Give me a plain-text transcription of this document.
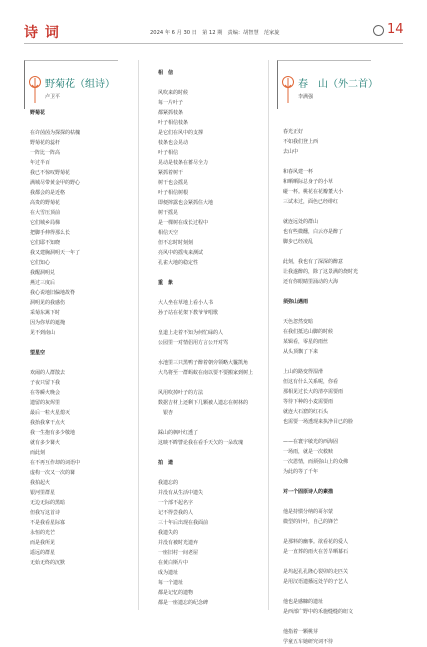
诗 词	2024 年 6 月 30 日　第 12 期　责编：胡智慧　范家旋	14
野菊花（组诗）
卢卫平
野菊花
在许茵茵为探探的枯槐
野菊花的蕊杆
一阵比一阵高
年过半百
我已不惊叹野菊花
满城尽带黄金甲的野心
我都会的是近格
高贵的野菊花
在大雪压顶前
它们城乡局梯
把脚手伸得那么长
它们耶不知晓
我又建胸洞明天一年了
它们知心
我醒洞明兑
燕过三度后
我心说地旧偏地故脊
洞明见的我感伤
采菊东篱下时
因为你草的遮掩
见不到南山
望星空
欢闹的人群散去
子夜只留下我
在等瞬火晚会
遗留的灰烬里
最后一粒火星熄灭
我抬我拿干点火
我一生抱有多少敬地
就有多少篝火
而此刻
在不再互作却的词语中
虚构一次又一次的篝
我拍起火
银河里群星
无边无际的黑暗
但我写这首诗
不是我看星际寡
永恒的光芒
而是我所见
遥远的群星
无始无终的沉默
相　信
风吹来的时候
每一片叶子
都紧抓枝条
叶子相信枝条
是它们在风中的支撑
枝条也会晃动
叶子相信
晃动是枝条在蓄尽全力
紧抓着树干
树干也会摇晃
叶子相信树根
即便摔露也会紧抓住大地
树干摇晃
是一棵树在成长过程中
相信天空
但不忘时时刻刻
亮风中的摇曳来测试
孔雀大地的稳定性
重　象
大人坐在草地上看小人书
孙子站在花架下教爷爷唱歌
皇道上走着不知为何忙碌的人
公园里一对情侣用方言公开对骂
水池里三只黑鸭子醉着朝旁领略大鬣凯角
大鸟将至一群蚂蚁在南以要不要搬家到树上
风用吹掉叶子的方法
数据吉材上还剩下几颗被人遗忘在树林的
　银杏
踩山的枫叶红透了
这映不眸譬论我在看手天欠的一朵玫瑰
拍　遗
我遗忘的
并没有从生活中遗失
一个部不起名字
记不得尝我的人
三十年后出现在我面前
我遗失的
并没有被时光遗弃
一座旧村一间老屋
在黄白斯片中
成为遗址
每一个遗址
都是记忆的遗物
都是一座遗忘的纪念碑
春　山（外二首）
李满强
春光正好
不如我们登上西
去山中
和春风建一杯
和晒晒际总身子的小草
碰一杯。桃花在花瓣董大小
三试未过，面色已经绯红
就连远处的群山
也有些微醺，白云亦是醉了
脚步已经凌乱
此刻，我也有了深深的醉意
让我遂醉的，除了这景满的烧时光
还有你眼睛里涌动的大海
须弥山遇雨
天色忽然变暗
在我们抵达山脚的时候
某辑看，零星的雨丝
从头顶飘了下来
上山的路变得湿滑
但这有什么关系呢，你看
那相见过长大的清亭需要雨
等待下种的小麦需要雨
就连大石窟的红石头
也需要一场透现来执净目已的脸
——在寰宇敏光的西海固
一场雨，就是一次救赎
一次恩情，而须弥山上的众佛
为此的等了千年
对一个固原诗人的素描
他是持惯分纳的哥尔蒙
微型的针叶，自己的锋芒
是那料的幽事。欲看花的爱人
是一直葬的雨火在苦旱晒幕石
是坞起孔孔隆心裂卯的走匹关
是用汉语遗播远处芋的子艺人
他也是感糠的遗址
是西部广野中的禾施缝缝的纽文
他指着一颗桃芽
学童五车她研究词不待
